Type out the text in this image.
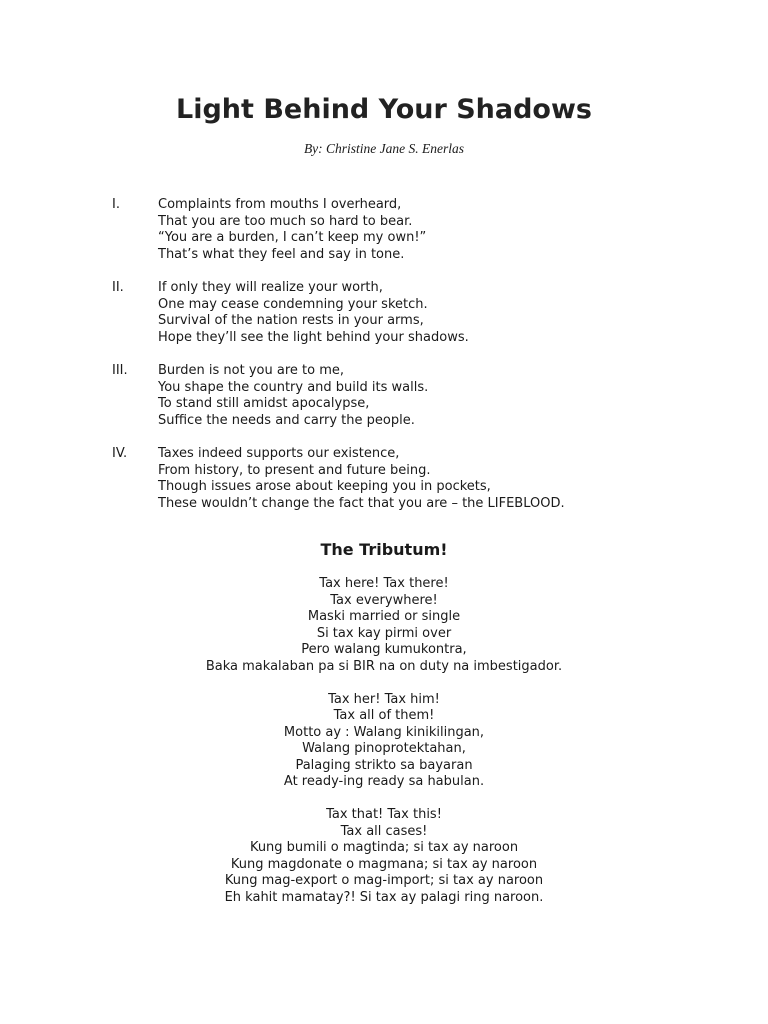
Light Behind Your Shadows
By: Christine Jane S. Enerlas
I.	Complaints from mouths I overheard,
That you are too much so hard to bear.
“You are a burden, I can’t keep my own!”
That’s what they feel and say in tone.
II.	If only they will realize your worth,
One may cease condemning your sketch.
Survival of the nation rests in your arms,
Hope they’ll see the light behind your shadows.
III. Burden is not you are to me,
You shape the country and build its walls.
To stand still amidst apocalypse,
Suffice the needs and carry the people.
IV. Taxes indeed supports our existence,
From history, to present and future being.
Though issues arose about keeping you in pockets,
These wouldn’t change the fact that you are – the LIFEBLOOD.
The Tributum!
Tax here! Tax there!
Tax everywhere!
Maski married or single
Si tax kay pirmi over
Pero walang kumukontra,
Baka makalaban pa si BIR na on duty na imbestigador.
Tax her! Tax him!
Tax all of them!
Motto ay : Walang kinikilingan,
Walang pinoprotektahan,
Palaging strikto sa bayaran
At ready-ing ready sa habulan.
Tax that! Tax this!
Tax all cases!
Kung bumili o magtinda; si tax ay naroon
Kung magdonate o magmana; si tax ay naroon
Kung mag-export o mag-import; si tax ay naroon
Eh kahit mamatay?! Si tax ay palagi ring naroon.
